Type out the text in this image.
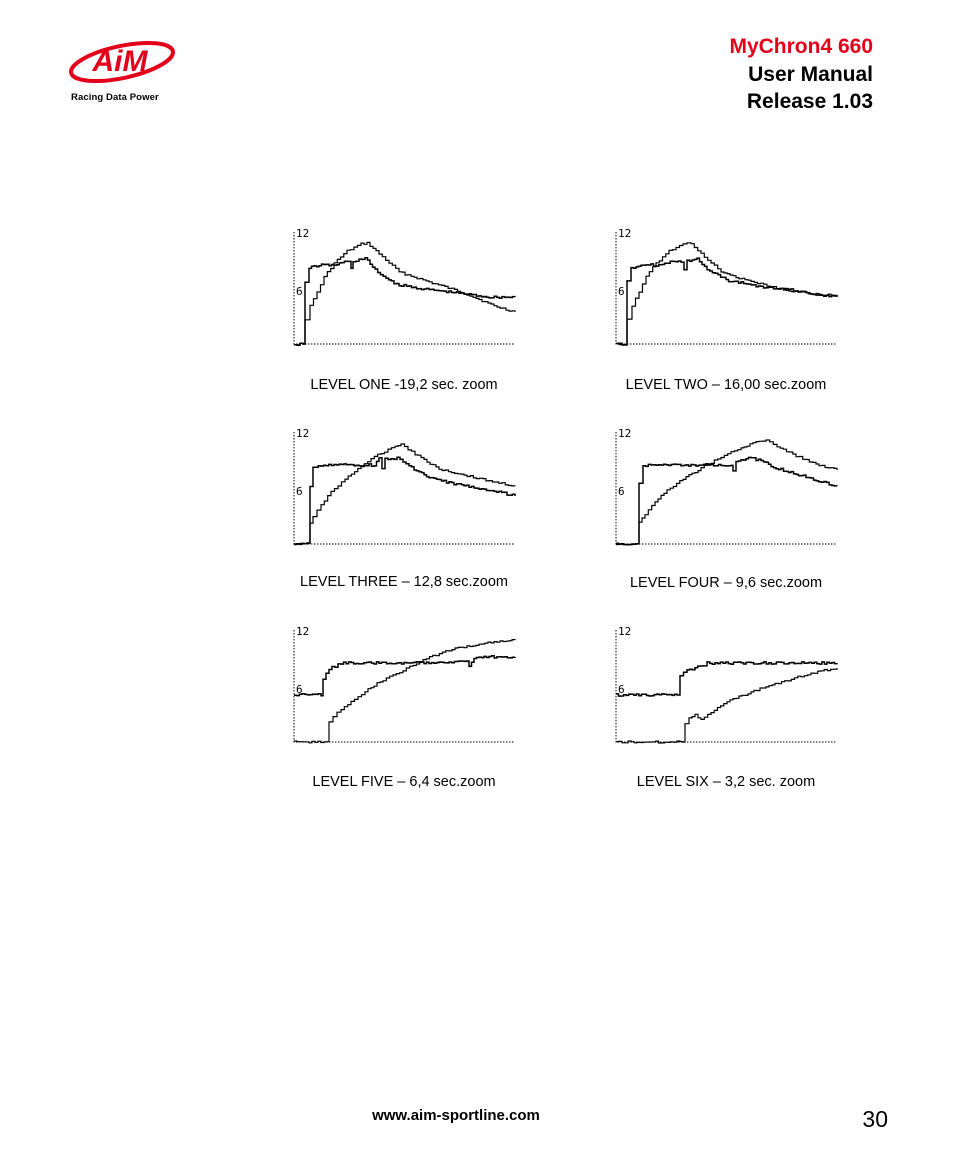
AiM
Racing Data Power
MyChron4 660
User Manual
Release 1.03
12
6
12
6
12
6
12
6
12
6
12
6
LEVEL ONE -19,2 sec. zoom	LEVEL TWO – 16,00 sec.zoom
LEVEL THREE – 12,8 sec.zoom	LEVEL FOUR – 9,6 sec.zoom
LEVEL FIVE – 6,4 sec.zoom	LEVEL SIX – 3,2 sec. zoom
www.aim-sportline.com	30
